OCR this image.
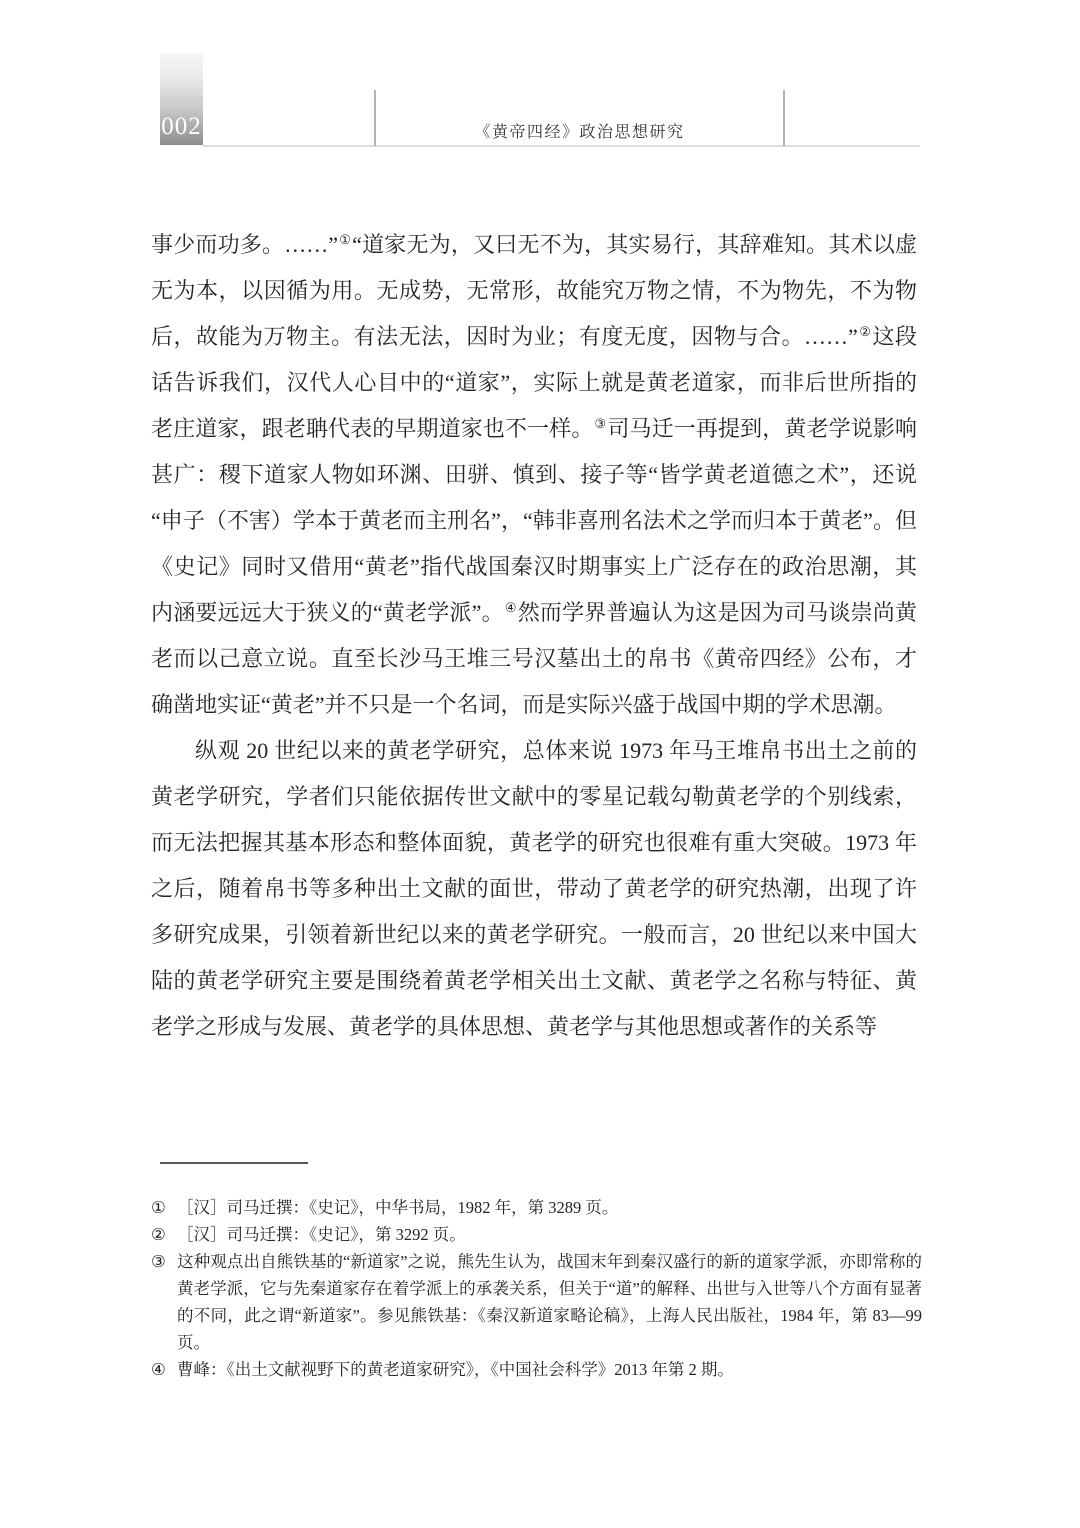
002	《黄帝四经》政治思想研究

事少而功多。……”①“道家无为，又曰无不为，其实易行，其辞难知。其术以虚无为本，以因循为用。无成势，无常形，故能究万物之情，不为物先，不为物后，故能为万物主。有法无法，因时为业；有度无度，因物与合。……”②这段话告诉我们，汉代人心目中的“道家”，实际上就是黄老道家，而非后世所指的老庄道家，跟老聃代表的早期道家也不一样。③司马迁一再提到，黄老学说影响甚广：稷下道家人物如环渊、田骈、慎到、接子等“皆学黄老道德之术”，还说“申子（不害）学本于黄老而主刑名”，“韩非喜刑名法术之学而归本于黄老”。但《史记》同时又借用“黄老”指代战国秦汉时期事实上广泛存在的政治思潮，其内涵要远远大于狭义的“黄老学派”。④然而学界普遍认为这是因为司马谈崇尚黄老而以己意立说。直至长沙马王堆三号汉墓出土的帛书《黄帝四经》公布，才确凿地实证“黄老”并不只是一个名词，而是实际兴盛于战国中期的学术思潮。

纵观 20 世纪以来的黄老学研究，总体来说 1973 年马王堆帛书出土之前的黄老学研究，学者们只能依据传世文献中的零星记载勾勒黄老学的个别线索，而无法把握其基本形态和整体面貌，黄老学的研究也很难有重大突破。1973 年之后，随着帛书等多种出土文献的面世，带动了黄老学的研究热潮，出现了许多研究成果，引领着新世纪以来的黄老学研究。一般而言，20 世纪以来中国大陆的黄老学研究主要是围绕着黄老学相关出土文献、黄老学之名称与特征、黄老学之形成与发展、黄老学的具体思想、黄老学与其他思想或著作的关系等

① ［汉］司马迁撰：《史记》，中华书局，1982 年，第 3289 页。
② ［汉］司马迁撰：《史记》，第 3292 页。
③ 这种观点出自熊铁基的“新道家”之说，熊先生认为，战国末年到秦汉盛行的新的道家学派，亦即常称的黄老学派，它与先秦道家存在着学派上的承袭关系，但关于“道”的解释、出世与入世等八个方面有显著的不同，此之谓“新道家”。参见熊铁基：《秦汉新道家略论稿》，上海人民出版社，1984 年，第 83—99 页。
④ 曹峰：《出土文献视野下的黄老道家研究》，《中国社会科学》2013 年第 2 期。
